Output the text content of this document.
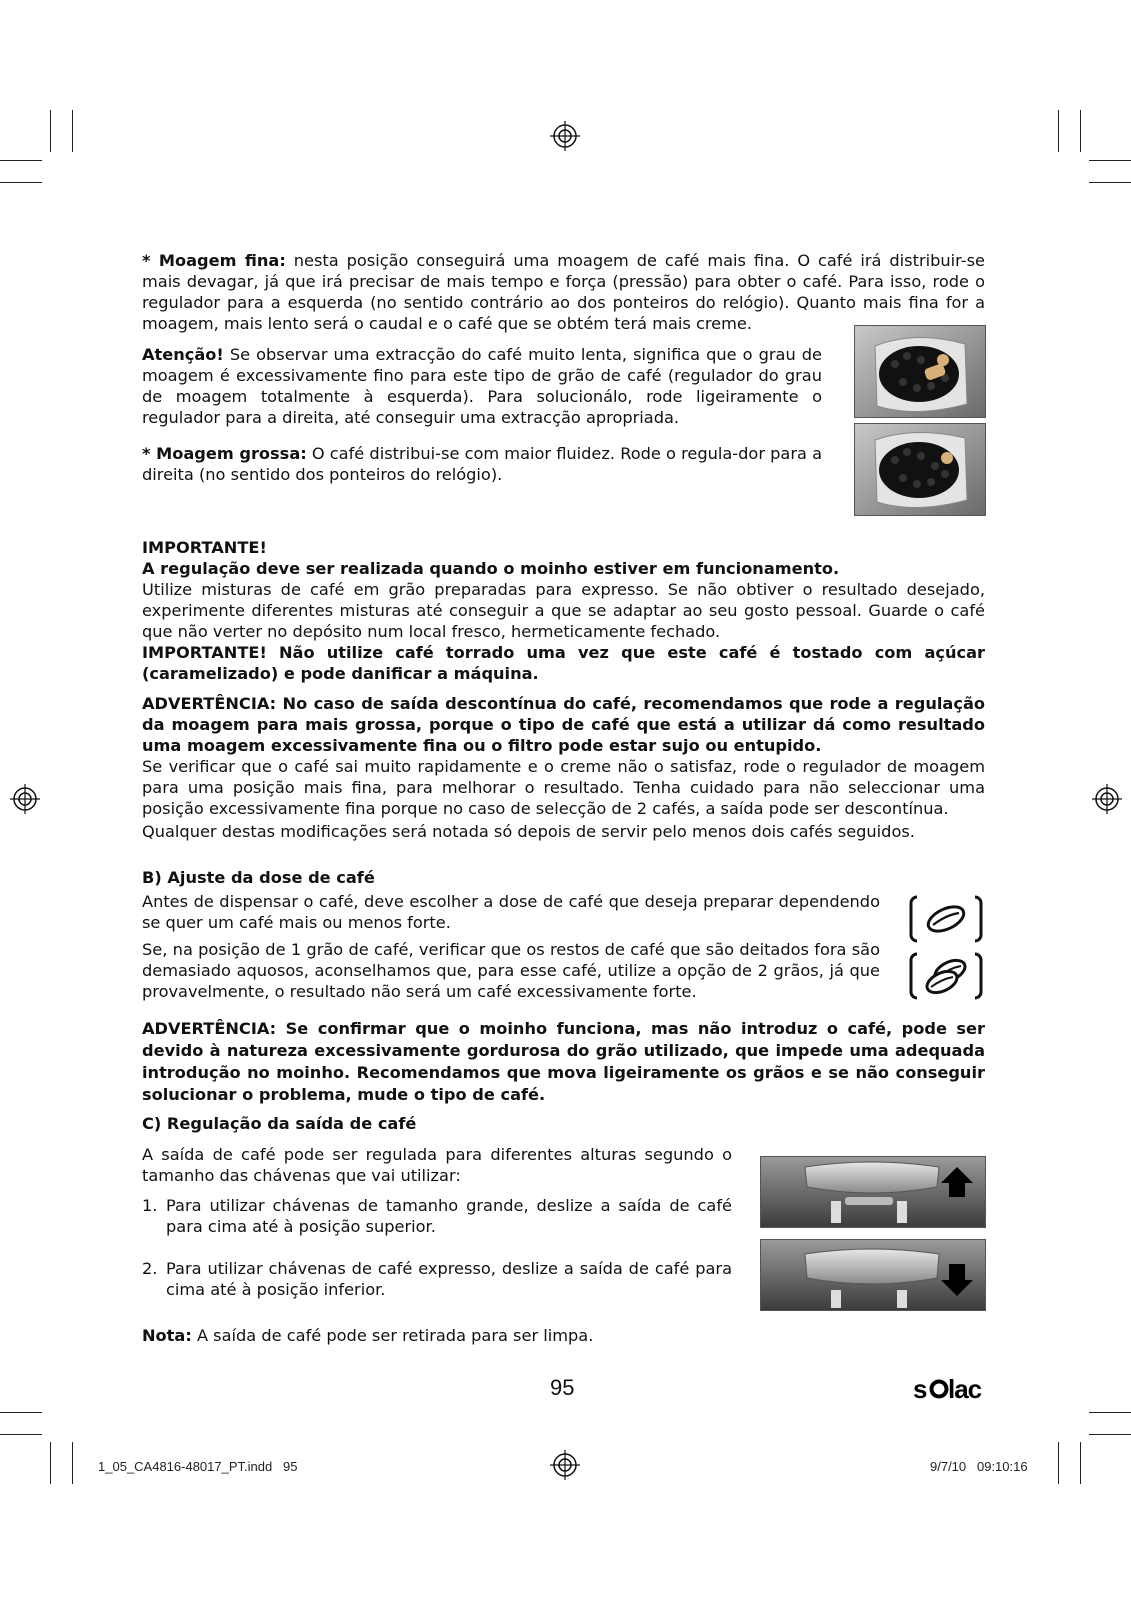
* Moagem fina: nesta posição conseguirá uma moagem de café mais fina. O café irá distribuir-se mais devagar, já que irá precisar de mais tempo e força (pressão) para obter o café. Para isso, rode o regulador para a esquerda (no sentido contrário ao dos ponteiros do relógio). Quanto mais fina for a moagem, mais lento será o caudal e o café que se obtém terá mais creme.

Atenção! Se observar uma extracção do café muito lenta, significa que o grau de moagem é excessivamente fino para este tipo de grão de café (regulador do grau de moagem totalmente à esquerda). Para solucionálo, rode ligeiramente o regulador para a direita, até conseguir uma extracção apropriada.

* Moagem grossa: O café distribui-se com maior fluidez. Rode o regula-dor para a direita (no sentido dos ponteiros do relógio).

IMPORTANTE!

A regulação deve ser realizada quando o moinho estiver em funcionamento.

Utilize misturas de café em grão preparadas para expresso. Se não obtiver o resultado desejado, experimente diferentes misturas até conseguir a que se adaptar ao seu gosto pessoal. Guarde o café que não verter no depósito num local fresco, hermeticamente fechado.

IMPORTANTE! Não utilize café torrado uma vez que este café é tostado com açúcar (caramelizado) e pode danificar a máquina.

ADVERTÊNCIA: No caso de saída descontínua do café, recomendamos que rode a regulação da moagem para mais grossa, porque o tipo de café que está a utilizar dá como resultado uma moagem excessivamente fina ou o filtro pode estar sujo ou entupido.

Se verificar que o café sai muito rapidamente e o creme não o satisfaz, rode o regulador de moagem para uma posição mais fina, para melhorar o resultado. Tenha cuidado para não seleccionar uma posição excessivamente fina porque no caso de selecção de 2 cafés, a saída pode ser descontínua.

Qualquer destas modificações será notada só depois de servir pelo menos dois cafés seguidos.

B) Ajuste da dose de café

Antes de dispensar o café, deve escolher a dose de café que deseja preparar dependendo se quer um café mais ou menos forte.

Se, na posição de 1 grão de café, verificar que os restos de café que são deitados fora são demasiado aquosos, aconselhamos que, para esse café, utilize a opção de 2 grãos, já que provavelmente, o resultado não será um café excessivamente forte.

ADVERTÊNCIA: Se confirmar que o moinho funciona, mas não introduz o café, pode ser devido à natureza excessivamente gordurosa do grão utilizado, que impede uma adequada introdução no moinho. Recomendamos que mova ligeiramente os grãos e se não conseguir solucionar o problema, mude o tipo de café.

C) Regulação da saída de café

A saída de café pode ser regulada para diferentes alturas segundo o tamanho das chávenas que vai utilizar:

1. Para utilizar chávenas de tamanho grande, deslize a saída de café para cima até à posição superior.
2. Para utilizar chávenas de café expresso, deslize a saída de café para cima até à posição inferior.

Nota: A saída de café pode ser retirada para ser limpa.

95	s lac
1_05_CA4816-48017_PT.indd   95	9/7/10   09:10:16
